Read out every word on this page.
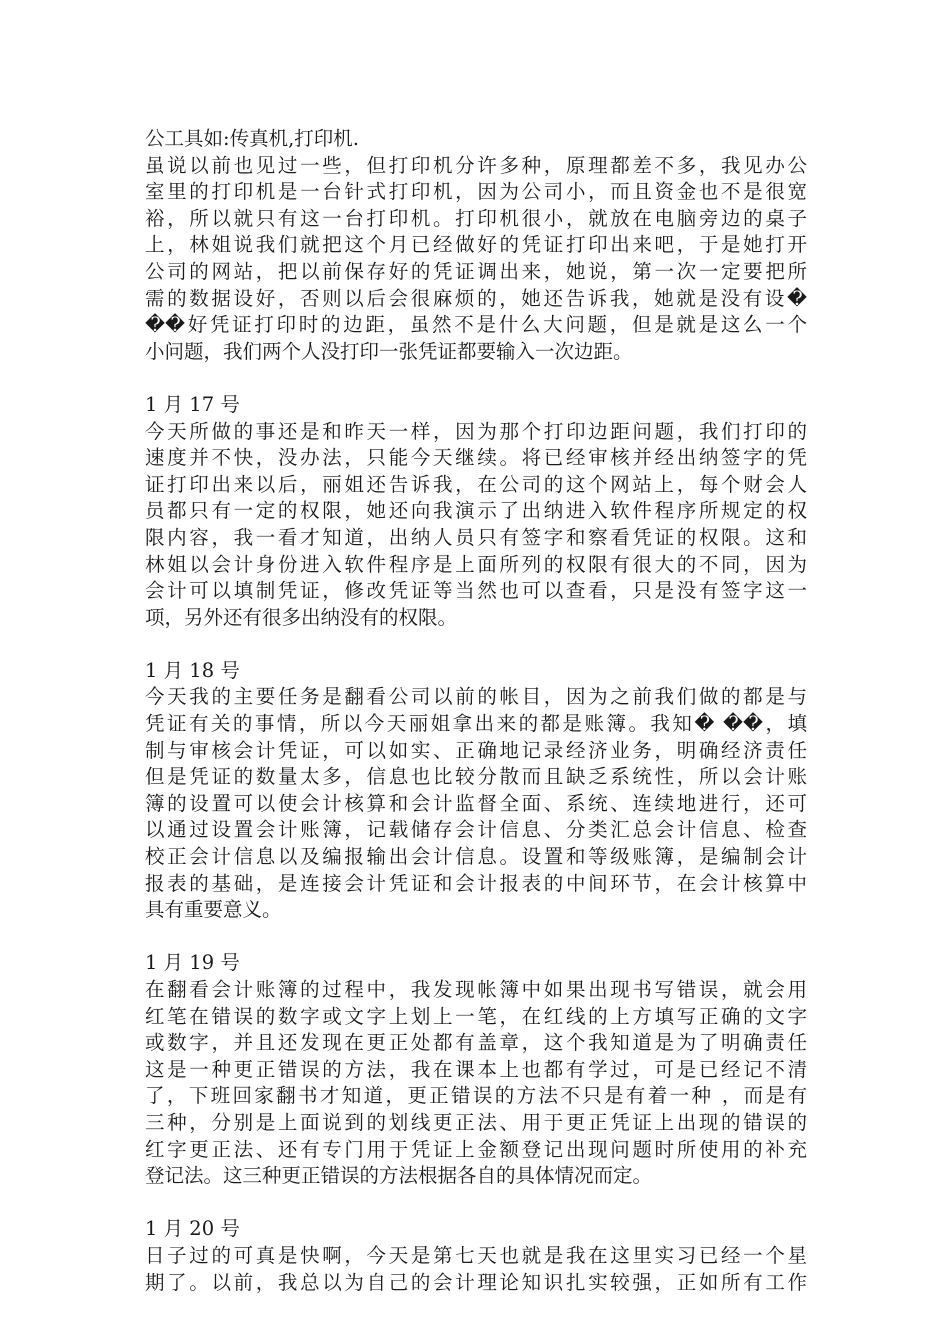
公工具如:传真机,打印机.
虽说以前也见过一些，但打印机分许多种，原理都差不多，我见办公
室里的打印机是一台针式打印机，因为公司小，而且资金也不是很宽
裕，所以就只有这一台打印机。打印机很小，就放在电脑旁边的桌子
上，林姐说我们就把这个月已经做好的凭证打印出来吧，于是她打开
公司的网站，把以前保存好的凭证调出来，她说，第一次一定要把所
需的数据设好，否则以后会很麻烦的，她还告诉我，她就是没有设�
��好凭证打印时的边距，虽然不是什么大问题，但是就是这么一个
小问题，我们两个人没打印一张凭证都要输入一次边距。
1 月 17 号
今天所做的事还是和昨天一样，因为那个打印边距问题，我们打印的
速度并不快，没办法，只能今天继续。将已经审核并经出纳签字的凭
证打印出来以后，丽姐还告诉我，在公司的这个网站上，每个财会人
员都只有一定的权限，她还向我演示了出纳进入软件程序所规定的权
限内容，我一看才知道，出纳人员只有签字和察看凭证的权限。这和
林姐以会计身份进入软件程序是上面所列的权限有很大的不同，因为
会计可以填制凭证，修改凭证等当然也可以查看，只是没有签字这一
项，另外还有很多出纳没有的权限。
1 月 18 号
今天我的主要任务是翻看公司以前的帐目，因为之前我们做的都是与
凭证有关的事情，所以今天丽姐拿出来的都是账簿。我知� ��，填
制与审核会计凭证，可以如实、正确地记录经济业务，明确经济责任
但是凭证的数量太多，信息也比较分散而且缺乏系统性，所以会计账
簿的设置可以使会计核算和会计监督全面、系统、连续地进行，还可
以通过设置会计账簿，记载储存会计信息、分类汇总会计信息、检查
校正会计信息以及编报输出会计信息。设置和等级账簿，是编制会计
报表的基础，是连接会计凭证和会计报表的中间环节，在会计核算中
具有重要意义。
1 月 19 号
在翻看会计账簿的过程中，我发现帐簿中如果出现书写错误，就会用
红笔在错误的数字或文字上划上一笔，在红线的上方填写正确的文字
或数字，并且还发现在更正处都有盖章，这个我知道是为了明确责任
这是一种更正错误的方法，我在课本上也都有学过，可是已经记不清
了，下班回家翻书才知道，更正错误的方法不只是有着一种 ，而是有
三种，分别是上面说到的划线更正法、用于更正凭证上出现的错误的
红字更正法、还有专门用于凭证上金额登记出现问题时所使用的补充
登记法。这三种更正错误的方法根据各自的具体情况而定。
1 月 20 号
日子过的可真是快啊，今天是第七天也就是我在这里实习已经一个星
期了。以前，我总以为自己的会计理论知识扎实较强，正如所有工作
